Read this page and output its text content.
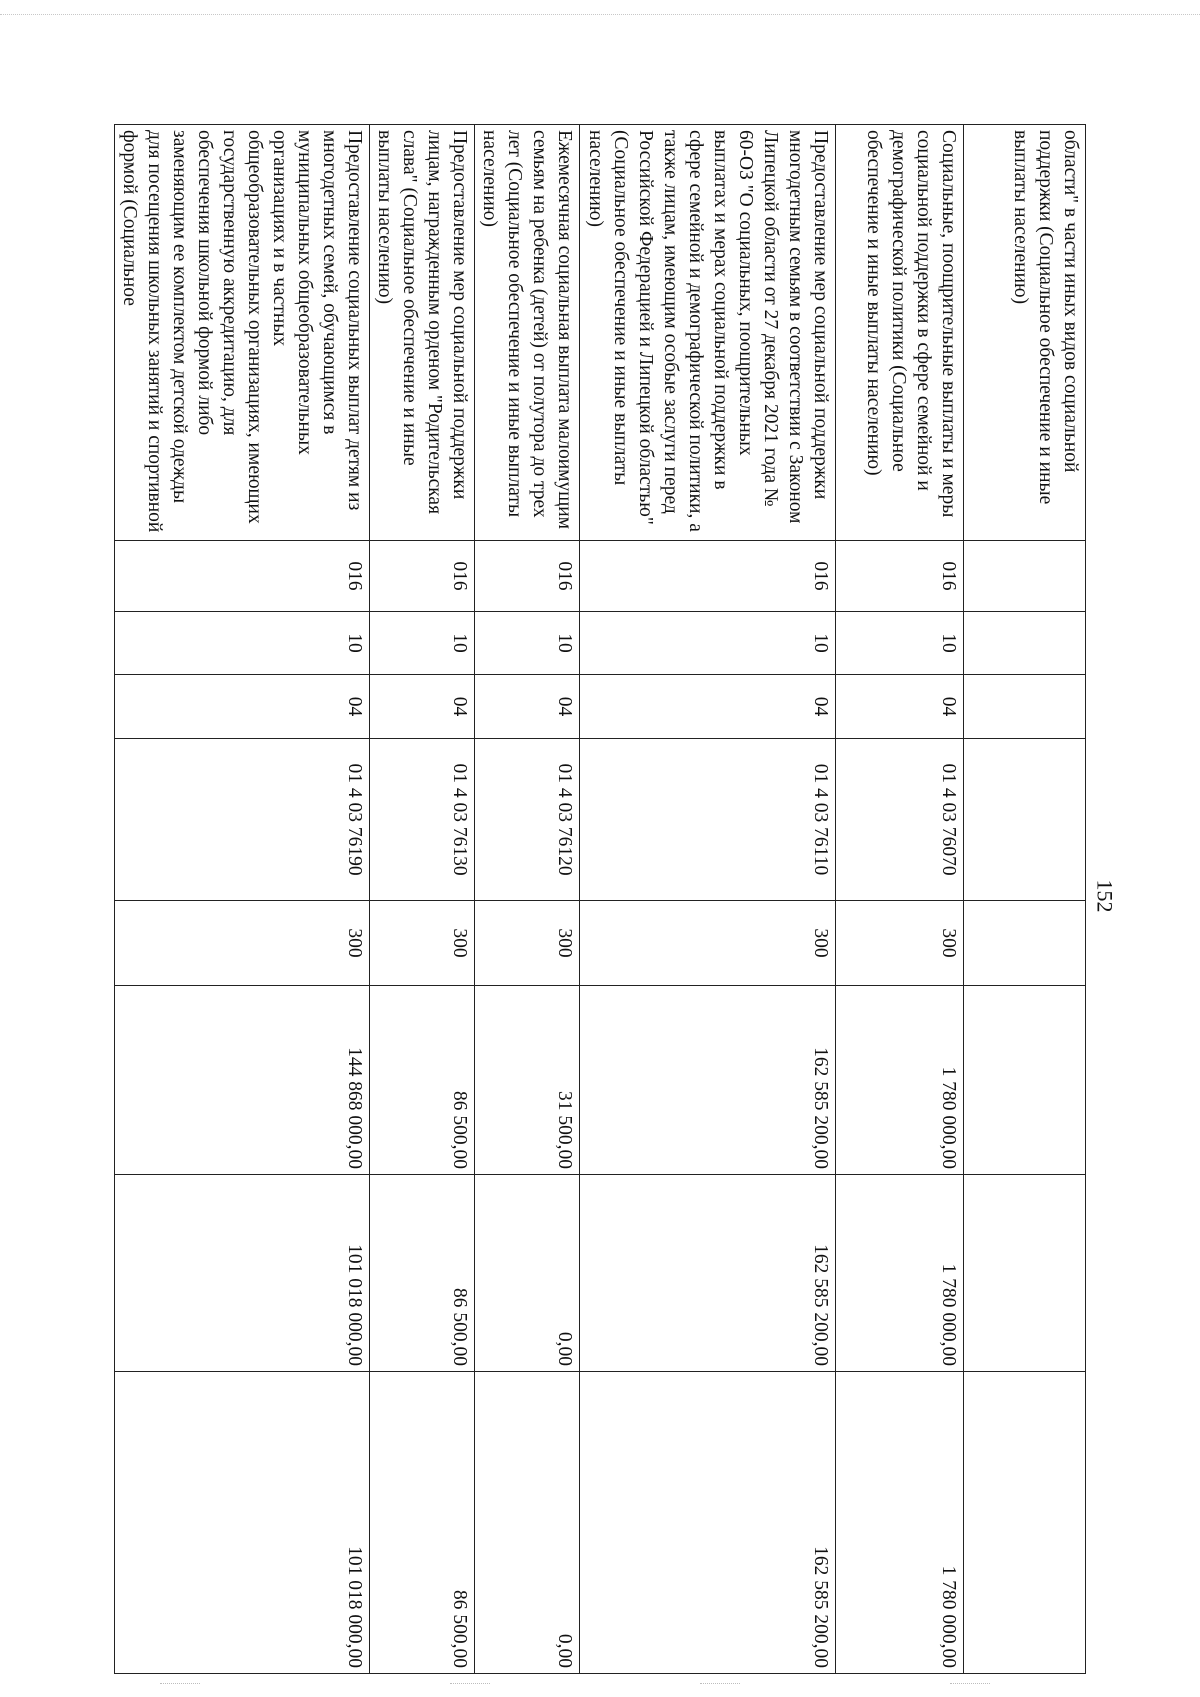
152
области" в части иных видов социальной поддержки (Социальное обеспечение и иные выплаты населению)								
Социальные, поощрительные выплаты и меры социальной поддержки в сфере семейной и демографической политики (Социальное обеспечение и иные выплаты населению)	016	10	04	01 4 03 76070	300	1 780 000,00	1 780 000,00	1 780 000,00
Предоставление мер социальной поддержки многодетным семьям в соответствии с Законом Липецкой области от 27 декабря 2021 года № 60-ОЗ "О социальных, поощрительных выплатах и мерах социальной поддержки в сфере семейной и демографической политики, а также лицам, имеющим особые заслуги перед Российской Федерацией и Липецкой областью" (Социальное обеспечение и иные выплаты населению)	016	10	04	01 4 03 76110	300	162 585 200,00	162 585 200,00	162 585 200,00
Ежемесячная социальная выплата малоимущим семьям на ребенка (детей) от полутора до трех лет (Социальное обеспечение и иные выплаты населению)	016	10	04	01 4 03 76120	300	31 500,00	0,00	0,00
Предоставление мер социальной поддержки лицам, награжденным орденом "Родительская слава" (Социальное обеспечение и иные выплаты населению)	016	10	04	01 4 03 76130	300	86 500,00	86 500,00	86 500,00
Предоставление социальных выплат детям из многодетных семей, обучающимся в муниципальных общеобразовательных организациях и в частных общеобразовательных организациях, имеющих государственную аккредитацию, для обеспечения школьной формой либо заменяющим ее комплектом детской одежды для посещения школьных занятий и спортивной формой (Социальное	016	10	04	01 4 03 76190	300	144 868 000,00	101 018 000,00	101 018 000,00
